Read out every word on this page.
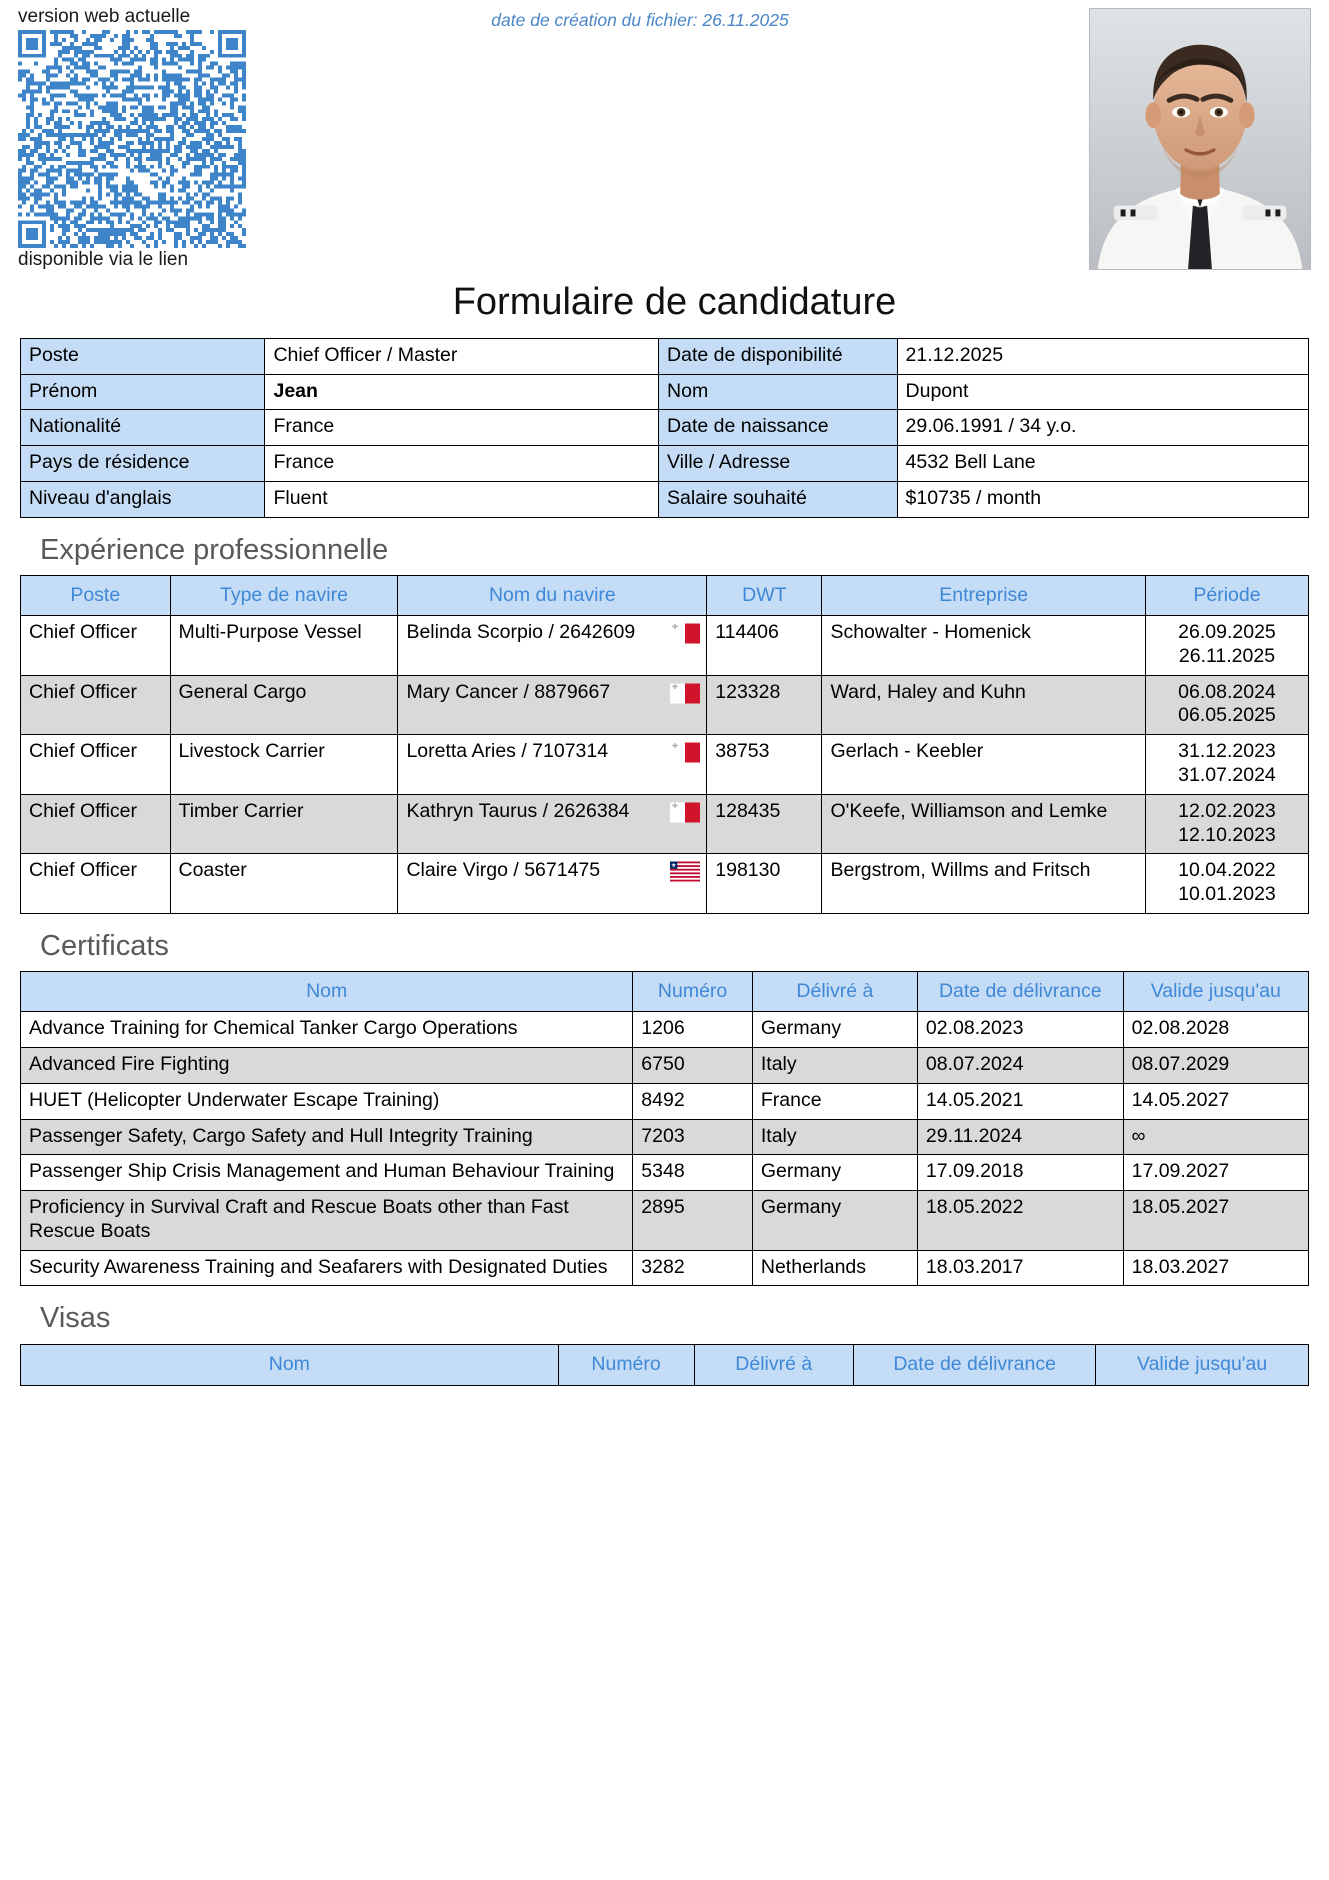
version web actuelle
disponible via le lien
date de création du fichier: 26.11.2025
Formulaire de candidature
Poste	Chief Officer / Master	Date de disponibilité	21.12.2025
Prénom	Jean	Nom	Dupont
Nationalité	France	Date de naissance	29.06.1991 / 34 y.o.
Pays de résidence	France	Ville / Adresse	4532 Bell Lane
Niveau d'anglais	Fluent	Salaire souhaité	$10735 / month
Expérience professionnelle
Poste	Type de navire	Nom du navire	DWT	Entreprise	Période
Chief Officer	Multi-Purpose Vessel	Belinda Scorpio / 2642609	114406	Schowalter - Homenick	26.09.2025
26.11.2025
Chief Officer	General Cargo	Mary Cancer / 8879667	123328	Ward, Haley and Kuhn	06.08.2024
06.05.2025
Chief Officer	Livestock Carrier	Loretta Aries / 7107314	38753	Gerlach - Keebler	31.12.2023
31.07.2024
Chief Officer	Timber Carrier	Kathryn Taurus / 2626384	128435	O'Keefe, Williamson and Lemke	12.02.2023
12.10.2023
Chief Officer	Coaster	Claire Virgo / 5671475 ★	198130	Bergstrom, Willms and Fritsch	10.04.2022
10.01.2023
Certificats
Nom	Numéro	Délivré à	Date de délivrance	Valide jusqu'au
Advance Training for Chemical Tanker Cargo Operations	1206	Germany	02.08.2023	02.08.2028
Advanced Fire Fighting	6750	Italy	08.07.2024	08.07.2029
HUET (Helicopter Underwater Escape Training)	8492	France	14.05.2021	14.05.2027
Passenger Safety, Cargo Safety and Hull Integrity Training	7203	Italy	29.11.2024	∞
Passenger Ship Crisis Management and Human Behaviour Training	5348	Germany	17.09.2018	17.09.2027
Proficiency in Survival Craft and Rescue Boats other than Fast Rescue Boats	2895	Germany	18.05.2022	18.05.2027
Security Awareness Training and Seafarers with Designated Duties	3282	Netherlands	18.03.2017	18.03.2027
Visas
Nom	Numéro	Délivré à	Date de délivrance	Valide jusqu'au
